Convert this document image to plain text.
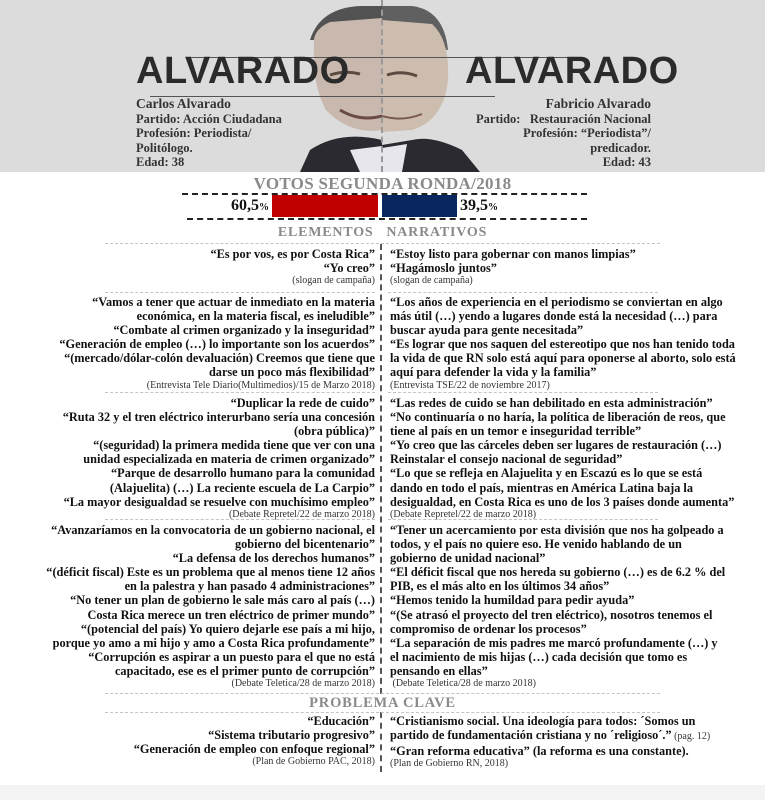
ALVARADO	ALVARADO
Carlos Alvarado
Partido: Acción Ciudadana
Profesión: Periodista/
Politólogo.
Edad: 38
Fabricio Alvarado
Partido:   Restauración Nacional
Profesión: “Periodista”/
predicador.
Edad: 43
VOTOS SEGUNDA RONDA/2018
60,5%	39,5%
ELEMENTOS   NARRATIVOS
“Es por vos, es por Costa Rica”
“Yo creo”
(slogan de campaña)
“Vamos a tener que actuar de inmediato en la materia
económica, en la materia fiscal, es ineludible”
“Combate al crimen organizado y la inseguridad”
“Generación de empleo (…) lo importante son los acuerdos”
“(mercado/dólar-colón devaluación) Creemos que tiene que
darse un poco más flexibilidad”
(Entrevista Tele Diario(Multimedios)/15 de Marzo 2018)
“Duplicar la rede de cuido”
“Ruta 32 y el tren eléctrico interurbano sería una concesión
(obra pública)”
“(seguridad) la primera medida tiene que ver con una
unidad especializada en materia de crimen organizado”
“Parque de desarrollo humano para la comunidad
(Alajuelita) (…) La reciente escuela de La Carpio”
“La mayor desigualdad se resuelve con muchísimo empleo”
(Debate Repretel/22 de marzo 2018)
“Avanzaríamos en la convocatoria de un gobierno nacional, el
gobierno del bicentenario”
“La defensa de los derechos humanos”
“(déficit fiscal) Este es un problema que al menos tiene 12 años
en la palestra y han pasado 4 administraciones”
“No tener un plan de gobierno le sale más caro al país (…)
Costa Rica merece un tren eléctrico de primer mundo”
“(potencial del país) Yo quiero dejarle ese país a mi hijo,
porque yo amo a mi hijo y amo a Costa Rica profundamente”
“Corrupción es aspirar a un puesto para el que no está
capacitado, ese es el primer punto de corrupción”
(Debate Teletica/28 de marzo 2018)
PROBLEMA CLAVE
“Educación”
“Sistema tributario progresivo”
“Generación de empleo con enfoque regional”
(Plan de Gobierno PAC, 2018)
“Estoy listo para gobernar con manos limpias”
“Hagámoslo juntos”
(slogan de campaña)
“Los años de experiencia en el periodismo se conviertan en algo
más útil (…) yendo a lugares donde está la necesidad (…) para
buscar ayuda para gente necesitada”
“Es lograr que nos saquen del estereotipo que nos han tenido toda
la vida de que RN solo está aquí para oponerse al aborto, solo está
aquí para defender la vida y la familia”
(Entrevista TSE/22 de noviembre 2017)
“Las redes de cuido se han debilitado en esta administración”
“No continuaría o no haría, la política de liberación de reos, que
tiene al país en un temor e inseguridad terrible”
“Yo creo que las cárceles deben ser lugares de restauración (…)
Reinstalar el consejo nacional de seguridad”
“Lo que se refleja en Alajuelita y en Escazú es lo que se está
dando en todo el país, mientras en América Latina baja la
desigualdad, en Costa Rica es uno de los 3 países donde aumenta”
(Debate Repretel/22 de marzo 2018)
“Tener un acercamiento por esta división que nos ha golpeado a
todos, y el país no quiere eso. He venido hablando de un
gobierno de unidad nacional”
“El déficit fiscal que nos hereda su gobierno (…) es de 6.2 % del
PIB, es el más alto en los últimos 34 años”
“Hemos tenido la humildad para pedir ayuda”
“(Se atrasó el proyecto del tren eléctrico), nosotros tenemos el
compromiso de ordenar los procesos”
“La separación de mis padres me marcó profundamente (…) y
el nacimiento de mis hijas (…) cada decisión que tomo es
pensando en ellas”
(Debate Teletica/28 de marzo 2018)
“Cristianismo social. Una ideología para todos: ´Somos un
partido de fundamentación cristiana y no ´religioso´.” (pag. 12)
“Gran reforma educativa” (la reforma es una constante).
(Plan de Gobierno RN, 2018)
